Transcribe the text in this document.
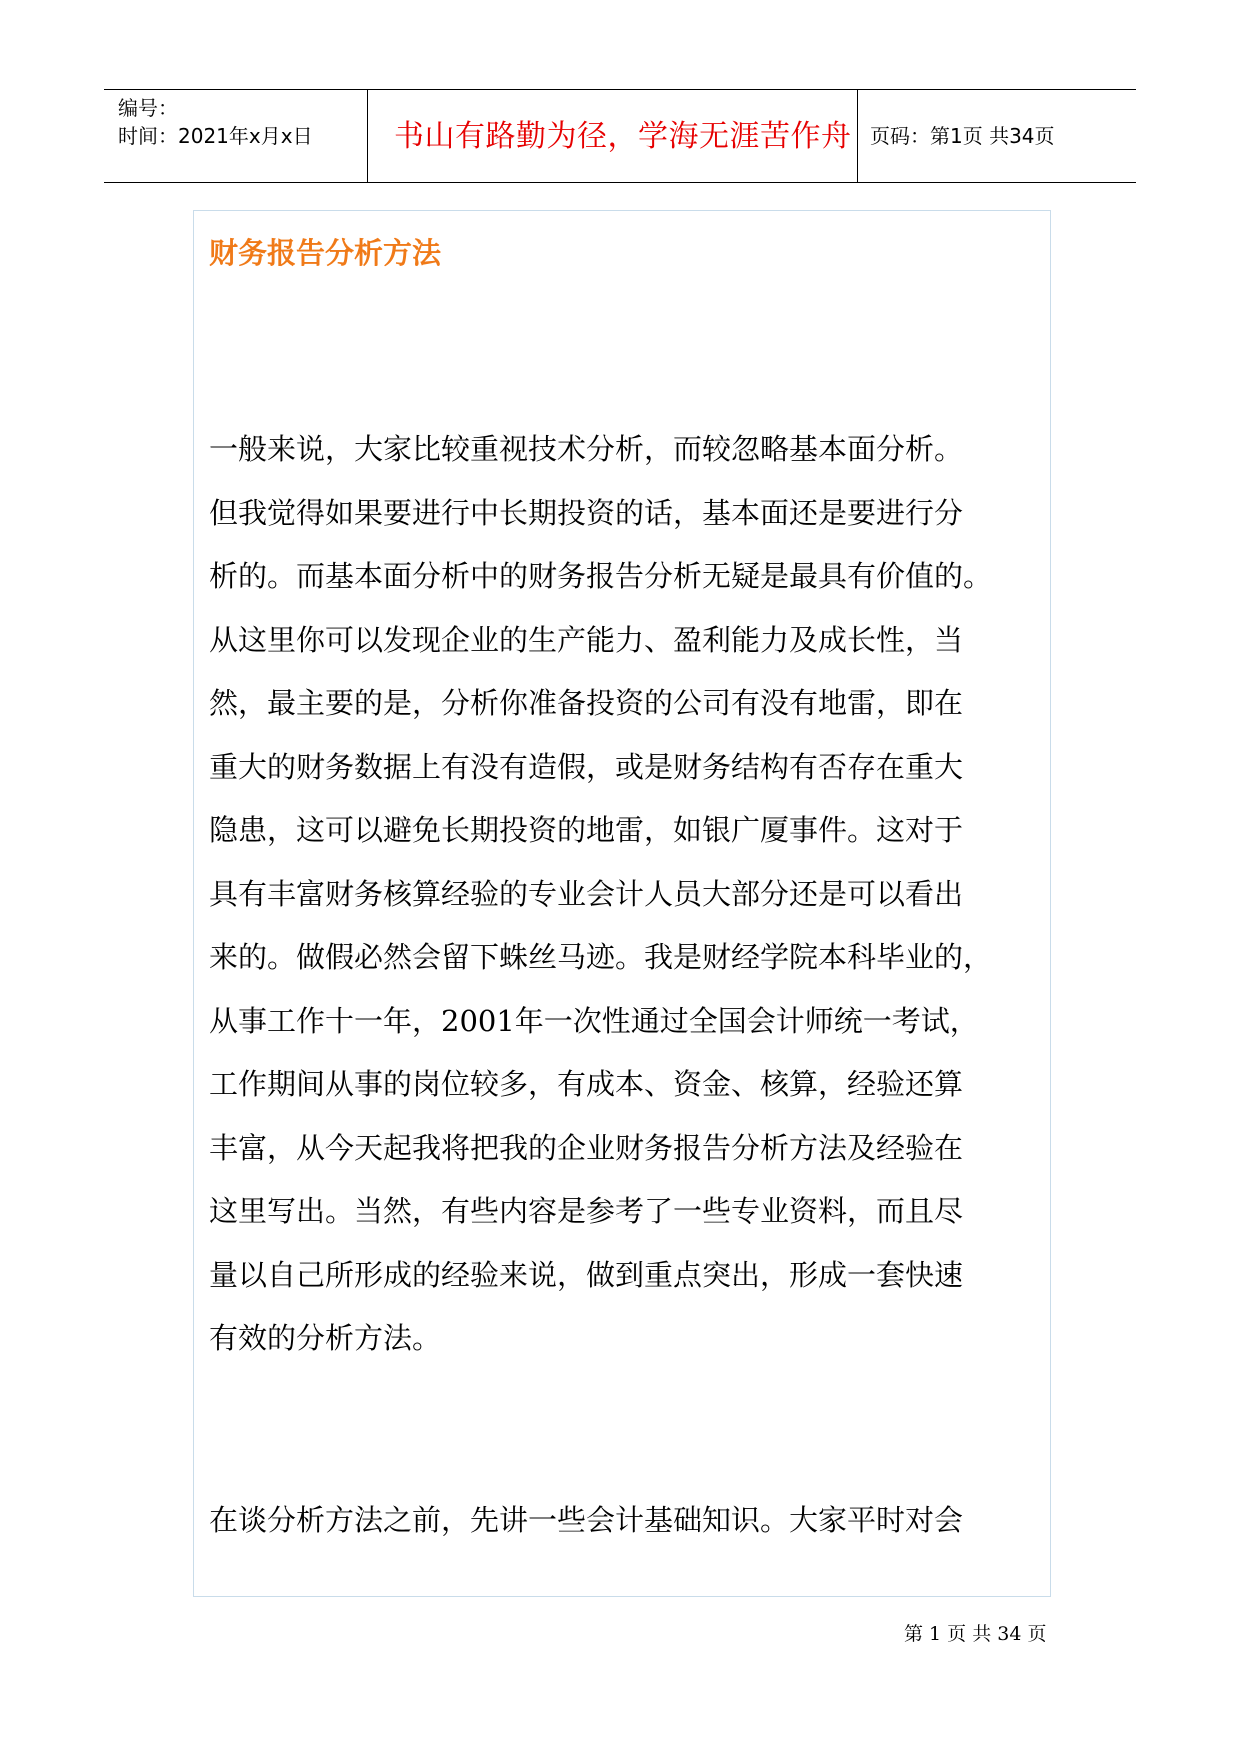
编号：
时间：2021年x月x日	书山有路勤为径，学海无涯苦作舟 页码：第1页 共34页
财务报告分析方法
一般来说，大家比较重视技术分析，而较忽略基本面分析。
但我觉得如果要进行中长期投资的话，基本面还是要进行分
析的。而基本面分析中的财务报告分析无疑是最具有价值的。
从这里你可以发现企业的生产能力、盈利能力及成长性，当
然，最主要的是，分析你准备投资的公司有没有地雷，即在
重大的财务数据上有没有造假，或是财务结构有否存在重大
隐患，这可以避免长期投资的地雷，如银广厦事件。这对于
具有丰富财务核算经验的专业会计人员大部分还是可以看出
来的。做假必然会留下蛛丝马迹。我是财经学院本科毕业的，
从事工作十一年，2001年一次性通过全国会计师统一考试，
工作期间从事的岗位较多，有成本、资金、核算，经验还算
丰富，从今天起我将把我的企业财务报告分析方法及经验在
这里写出。当然，有些内容是参考了一些专业资料，而且尽
量以自己所形成的经验来说，做到重点突出，形成一套快速
有效的分析方法。
在谈分析方法之前，先讲一些会计基础知识。大家平时对会
第 1 页 共 34 页
